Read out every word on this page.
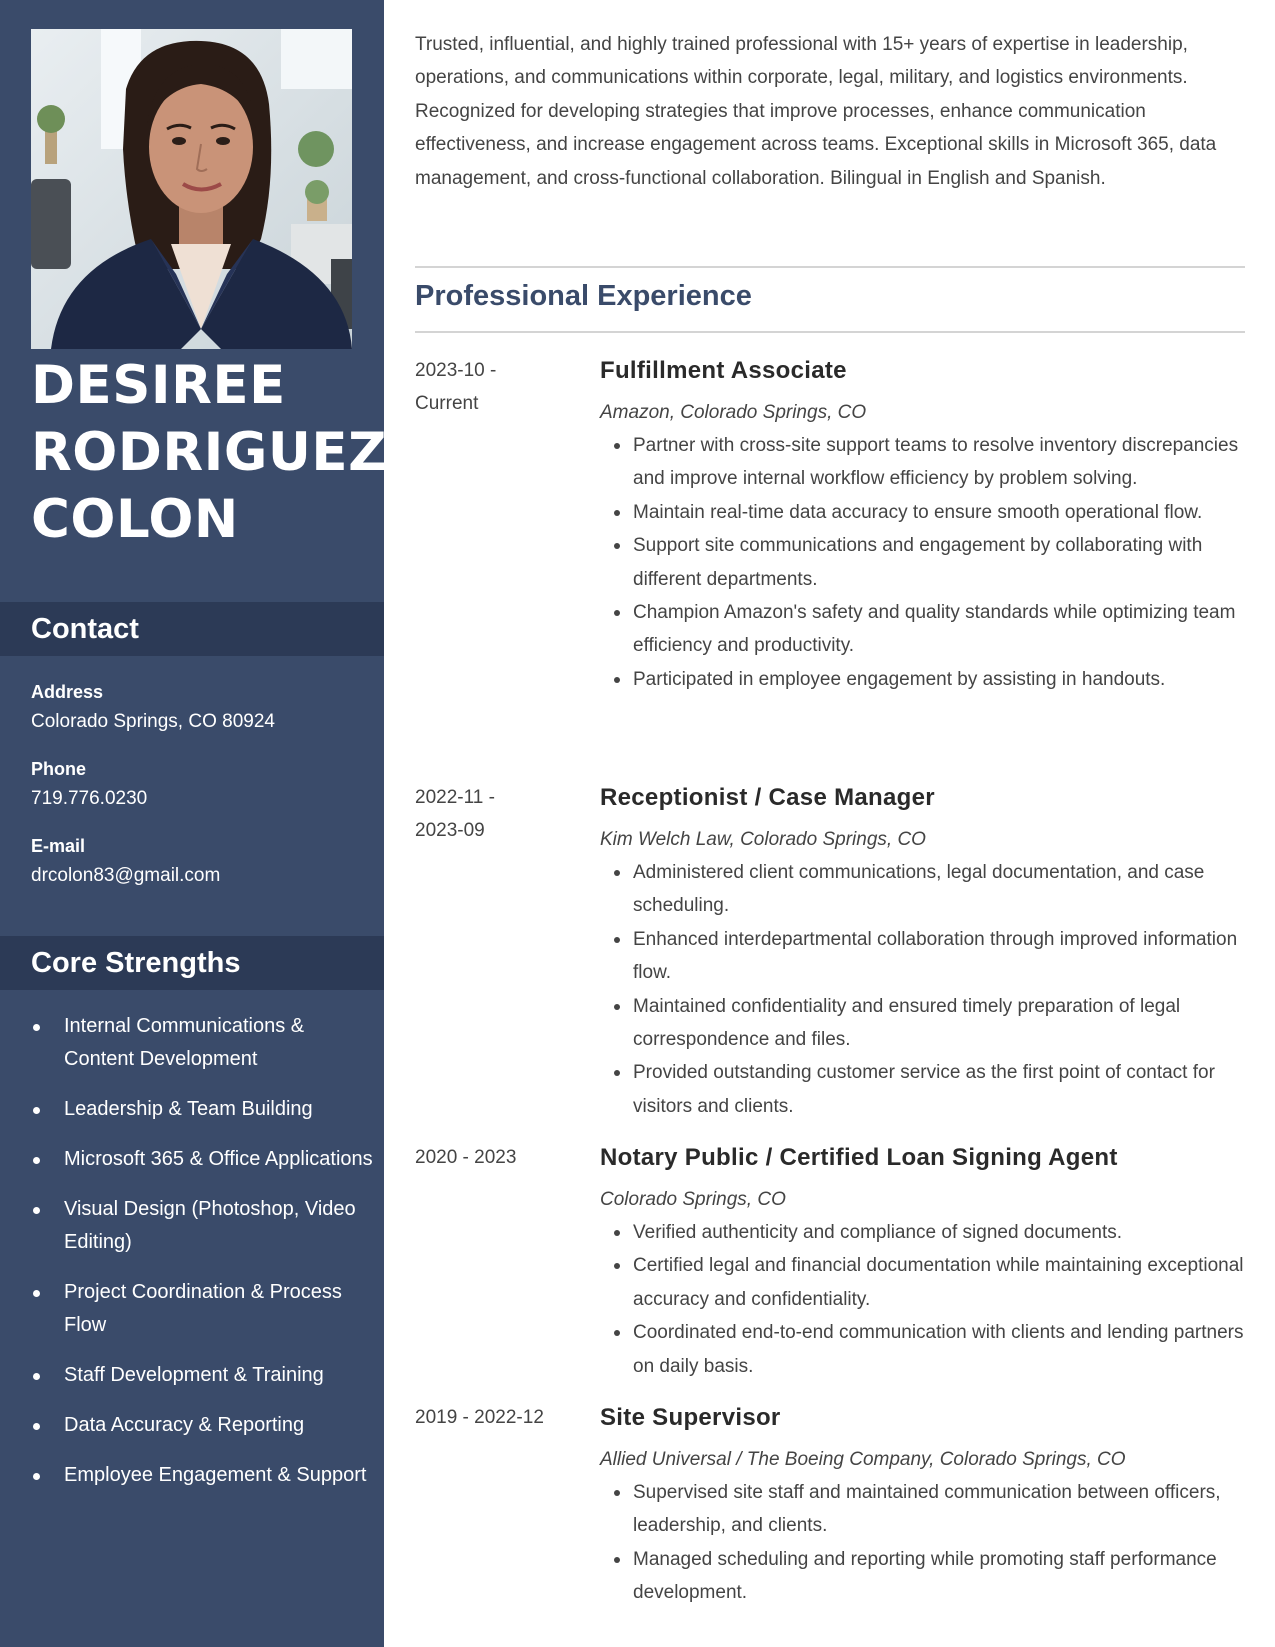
DESIREE
RODRIGUEZ
COLON
Contact
Address
Colorado Springs, CO 80924
Phone
719.776.0230
E-mail
drcolon83@gmail.com
Core Strengths
Internal Communications & Content Development
Leadership & Team Building
Microsoft 365 & Office Applications
Visual Design (Photoshop, Video Editing)
Project Coordination & Process Flow
Staff Development & Training
Data Accuracy & Reporting
Employee Engagement & Support

Trusted, influential, and highly trained professional with 15+ years of expertise in leadership, operations, and communications within corporate, legal, military, and logistics environments. Recognized for developing strategies that improve processes, enhance communication effectiveness, and increase engagement across teams. Exceptional skills in Microsoft 365, data management, and cross-functional collaboration. Bilingual in English and Spanish.

Professional Experience
2023-10 -
Current
Fulfillment Associate
Amazon, Colorado Springs, CO
Partner with cross-site support teams to resolve inventory discrepancies and improve internal workflow efficiency by problem solving.
Maintain real-time data accuracy to ensure smooth operational flow.
Support site communications and engagement by collaborating with different departments.
Champion Amazon's safety and quality standards while optimizing team efficiency and productivity.
Participated in employee engagement by assisting in handouts.
2022-11 -
2023-09
Receptionist / Case Manager
Kim Welch Law, Colorado Springs, CO
Administered client communications, legal documentation, and case scheduling.
Enhanced interdepartmental collaboration through improved information flow.
Maintained confidentiality and ensured timely preparation of legal correspondence and files.
Provided outstanding customer service as the first point of contact for visitors and clients.
2020 - 2023	Notary Public / Certified Loan Signing Agent
Colorado Springs, CO
Verified authenticity and compliance of signed documents.
Certified legal and financial documentation while maintaining exceptional accuracy and confidentiality.
Coordinated end-to-end communication with clients and lending partners on daily basis.
2019 - 2022-12	Site Supervisor
Allied Universal / The Boeing Company, Colorado Springs, CO
Supervised site staff and maintained communication between officers, leadership, and clients.
Managed scheduling and reporting while promoting staff performance development.
